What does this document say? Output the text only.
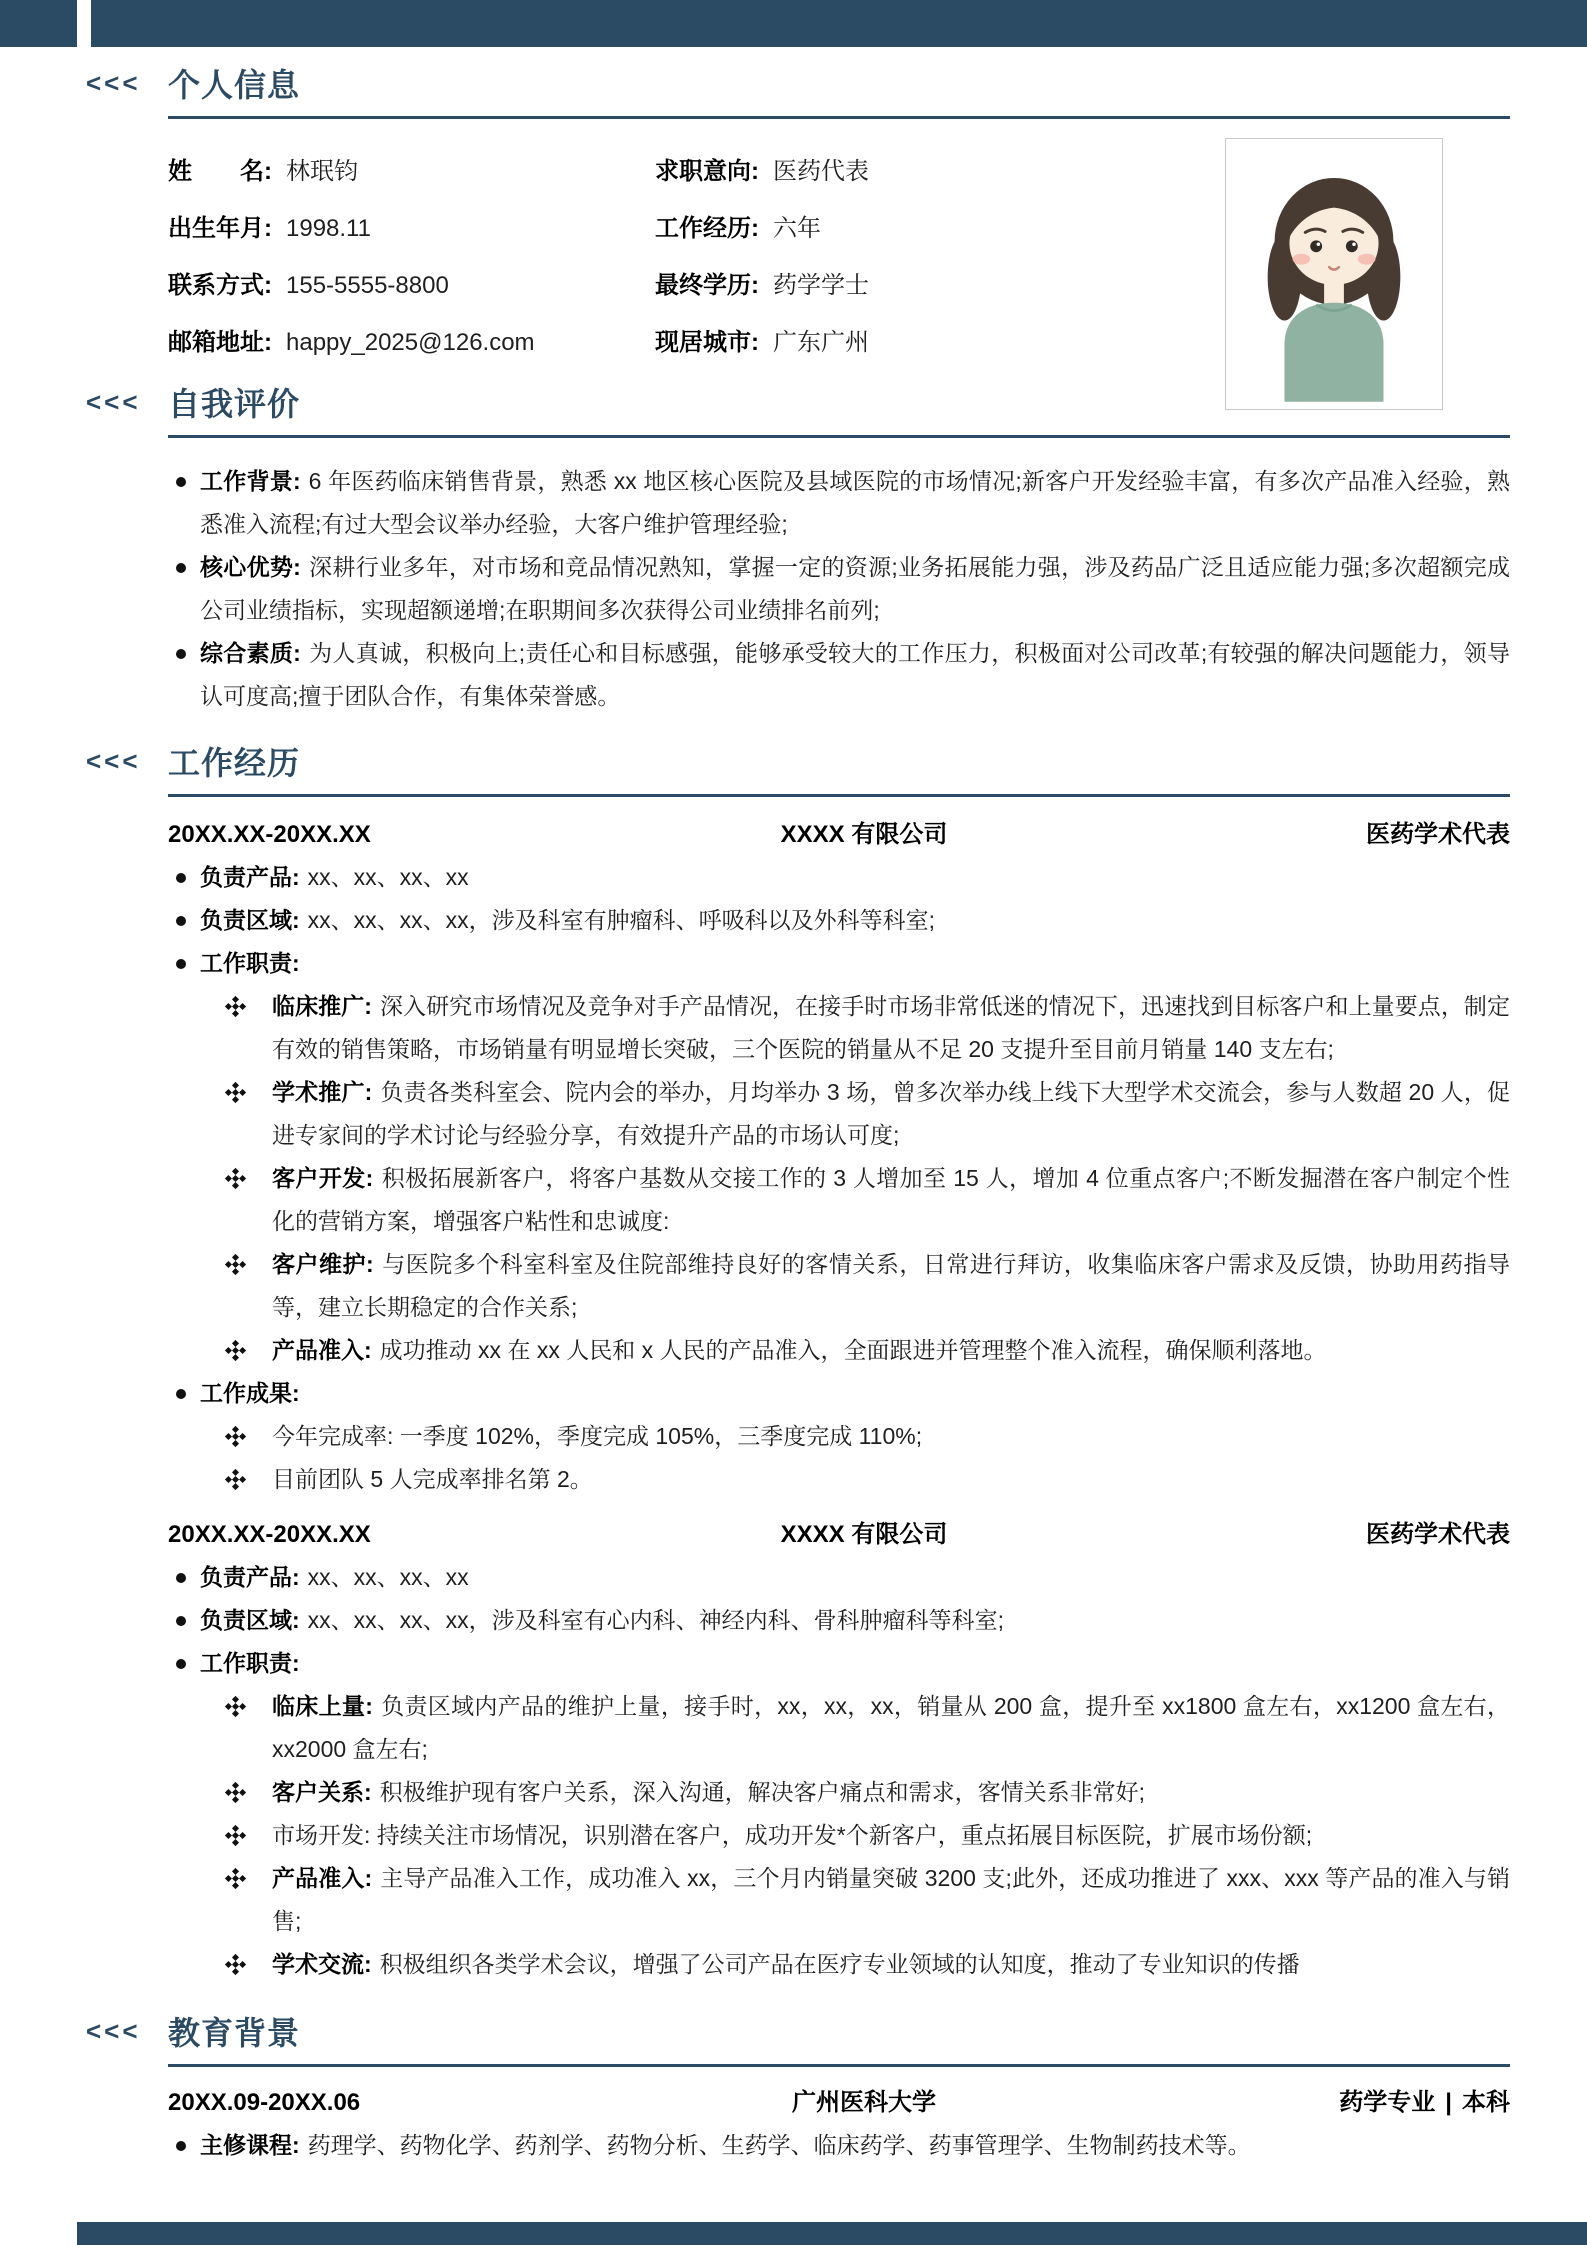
<<< 个人信息
姓　　名: 林珉钧	求职意向: 医药代表
出生年月: 1998.11	工作经历: 六年
联系方式: 155-5555-8800	最终学历: 药学学士
邮箱地址: happy_2025@126.com	现居城市: 广东广州
<<< 自我评价
工作背景: 6 年医药临床销售背景，熟悉 xx 地区核心医院及县域医院的市场情况;新客户开发经验丰富，有多次产品准入经验，熟悉准入流程;有过大型会议举办经验，大客户维护管理经验;
核心优势: 深耕行业多年，对市场和竞品情况熟知，掌握一定的资源;业务拓展能力强，涉及药品广泛且适应能力强;多次超额完成公司业绩指标，实现超额递增;在职期间多次获得公司业绩排名前列;
综合素质: 为人真诚，积极向上;责任心和目标感强，能够承受较大的工作压力，积极面对公司改革;有较强的解决问题能力，领导认可度高;擅于团队合作，有集体荣誉感。
<<< 工作经历
20XX.XX-20XX.XX	XXXX 有限公司	医药学术代表
负责产品: xx、xx、xx、xx
负责区域: xx、xx、xx、xx，涉及科室有肿瘤科、呼吸科以及外科等科室;
工作职责:
临床推广: 深入研究市场情况及竞争对手产品情况，在接手时市场非常低迷的情况下，迅速找到目标客户和上量要点，制定有效的销售策略，市场销量有明显增长突破，三个医院的销量从不足 20 支提升至目前月销量 140 支左右;
学术推广: 负责各类科室会、院内会的举办，月均举办 3 场，曾多次举办线上线下大型学术交流会，参与人数超 20 人，促进专家间的学术讨论与经验分享，有效提升产品的市场认可度;
客户开发: 积极拓展新客户，将客户基数从交接工作的 3 人增加至 15 人，增加 4 位重点客户;不断发掘潜在客户制定个性化的营销方案，增强客户粘性和忠诚度:
客户维护: 与医院多个科室科室及住院部维持良好的客情关系，日常进行拜访，收集临床客户需求及反馈，协助用药指导等，建立长期稳定的合作关系;
产品准入: 成功推动 xx 在 xx 人民和 x 人民的产品准入，全面跟进并管理整个准入流程，确保顺利落地。
工作成果:
今年完成率: 一季度 102%，季度完成 105%，三季度完成 110%;
目前团队 5 人完成率排名第 2。
20XX.XX-20XX.XX	XXXX 有限公司	医药学术代表
负责产品: xx、xx、xx、xx
负责区域: xx、xx、xx、xx，涉及科室有心内科、神经内科、骨科肿瘤科等科室;
工作职责:
临床上量: 负责区域内产品的维护上量，接手时，xx，xx，xx，销量从 200 盒，提升至 xx1800 盒左右，xx1200 盒左右，xx2000 盒左右;
客户关系: 积极维护现有客户关系，深入沟通，解决客户痛点和需求，客情关系非常好;
市场开发: 持续关注市场情况，识别潜在客户，成功开发*个新客户，重点拓展目标医院，扩展市场份额;
产品准入: 主导产品准入工作，成功准入 xx，三个月内销量突破 3200 支;此外，还成功推进了 xxx、xxx 等产品的准入与销售;
学术交流: 积极组织各类学术会议，增强了公司产品在医疗专业领域的认知度，推动了专业知识的传播
<<< 教育背景
20XX.09-20XX.06	广州医科大学	药学专业 | 本科
主修课程: 药理学、药物化学、药剂学、药物分析、生药学、临床药学、药事管理学、生物制药技术等。
